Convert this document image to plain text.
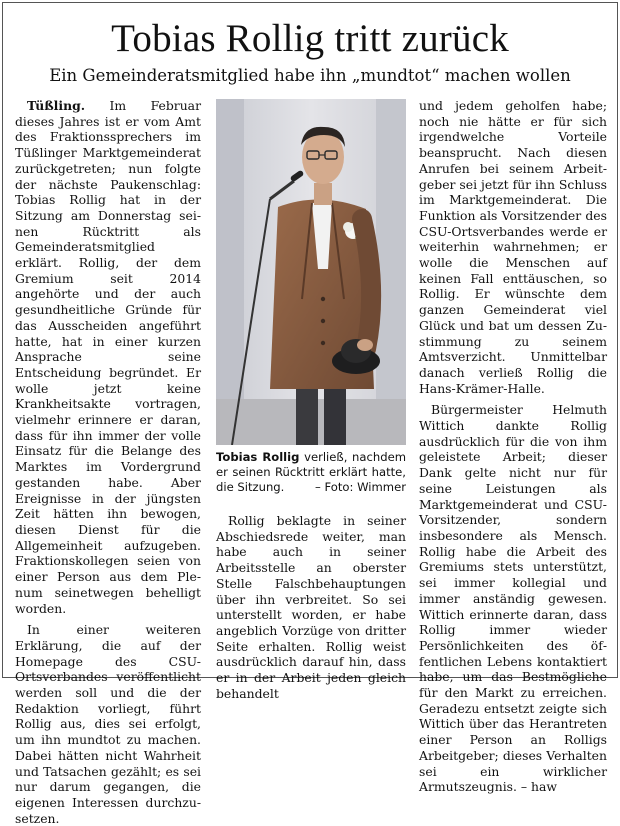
Tobias Rollig tritt zurück
Ein Gemeinderatsmitglied habe ihn „mundtot“ machen wollen

Tüßling. Im Februar dieses Jahres ist er vom Amt des Fraktionssprechers im Tüßlinger Marktgemeinderat zurückgetreten; nun folgte der nächste Paukenschlag: Tobias Rollig hat in der Sitzung am Donnerstag seinen Rücktritt als Gemeinderatsmitglied erklärt. Rollig, der dem Gremium seit 2014 angehörte und der auch gesundheitliche Gründe für das Ausscheiden angeführt hatte, hat in einer kurzen Ansprache seine Entscheidung begründet. Er wolle jetzt keine Krankheitsakte vortragen, vielmehr erinnere er daran, dass für ihn immer der volle Einsatz für die Belange des Marktes im Vordergrund gestanden habe. Aber Ereignisse in der jüngsten Zeit hätten ihn bewogen, diesen Dienst für die Allgemeinheit aufzugeben. Fraktionskollegen seien von einer Person aus dem Plenum seinetwegen behelligt worden.

In einer weiteren Erklärung, die auf der Homepage des CSU-Ortsverbandes veröffentlicht werden soll und die der Redaktion vorliegt, führt Rollig aus, dies sei erfolgt, um ihn mundtot zu machen. Dabei hätten nicht Wahrheit und Tatsachen gezählt; es sei nur darum gegangen, die eigenen Interessen durchzusetzen.

Tobias Rollig verließ, nachdem er seinen Rücktritt erklärt hatte, die Sitzung.	– Foto: Wimmer

Rollig beklagte in seiner Abschiedsrede weiter, man habe auch in seiner Arbeitsstelle an oberster Stelle Falschbehauptungen über ihn verbreitet. So sei unterstellt worden, er habe angeblich Vorzüge von dritter Seite erhalten. Rollig weist ausdrücklich darauf hin, dass er in der Arbeit jeden gleich behandelt

und jedem geholfen habe; noch nie hätte er für sich irgendwelche Vorteile beansprucht. Nach diesen Anrufen bei seinem Arbeitgeber sei jetzt für ihn Schluss im Marktgemeinderat. Die Funktion als Vorsitzender des CSU-Ortsverbandes werde er weiterhin wahrnehmen; er wolle die Menschen auf keinen Fall enttäuschen, so Rollig. Er wünschte dem ganzen Gemeinderat viel Glück und bat um dessen Zustimmung zu seinem Amtsverzicht. Unmittelbar danach verließ Rollig die Hans-Krämer-Halle.

Bürgermeister Helmuth Wittich dankte Rollig ausdrücklich für die von ihm geleistete Arbeit; dieser Dank gelte nicht nur für seine Leistungen als Marktgemeinderat und CSU-Vorsitzender, sondern insbesondere als Mensch. Rollig habe die Arbeit des Gremiums stets unterstützt, sei immer kollegial und immer anständig gewesen. Wittich erinnerte daran, dass Rollig immer wieder Persönlichkeiten des öffentlichen Lebens kontaktiert habe, um das Bestmögliche für den Markt zu erreichen. Geradezu entsetzt zeigte sich Wittich über das Herantreten einer Person an Rolligs Arbeitgeber; dieses Verhalten sei ein wirklicher Armutszeugnis. – haw
